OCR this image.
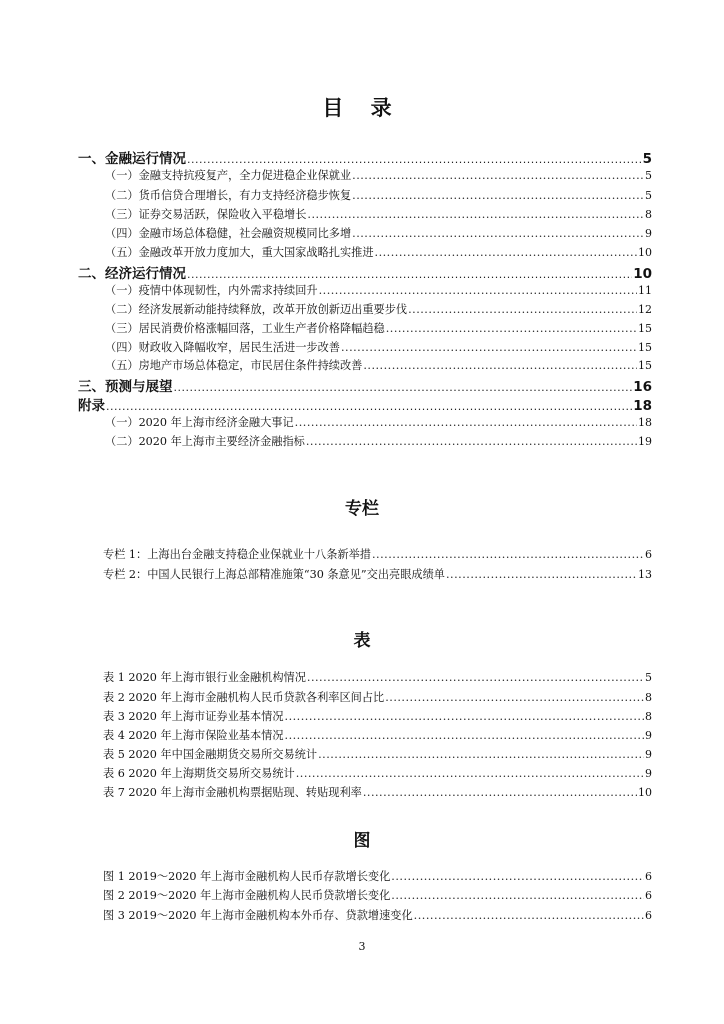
目 录
一、金融运行情况 .....	5
（一）金融支持抗疫复产，全力促进稳企业保就业 .....	5
（二）货币信贷合理增长，有力支持经济稳步恢复 .....	5
（三）证券交易活跃，保险收入平稳增长 .....	8
（四）金融市场总体稳健，社会融资规模同比多增 .....	9
（五）金融改革开放力度加大，重大国家战略扎实推进 .....	10
二、经济运行情况 .....	10
（一）疫情中体现韧性，内外需求持续回升 .....	11
（二）经济发展新动能持续释放，改革开放创新迈出重要步伐 .....	12
（三）居民消费价格涨幅回落，工业生产者价格降幅趋稳 .....	15
（四）财政收入降幅收窄，居民生活进一步改善 .....	15
（五）房地产市场总体稳定，市民居住条件持续改善 .....	15
三、预测与展望 .....	16
附录 .....	18
（一）2020 年上海市经济金融大事记 .....	18
（二）2020 年上海市主要经济金融指标 .....	19
专栏
专栏 1：上海出台金融支持稳企业保就业十八条新举措 .....	6
专栏 2：中国人民银行上海总部精准施策“30 条意见”交出亮眼成绩单 .....	13
表
表 1 2020 年上海市银行业金融机构情况 .....	5
表 2 2020 年上海市金融机构人民币贷款各利率区间占比 .....	8
表 3 2020 年上海市证券业基本情况 .....	8
表 4 2020 年上海市保险业基本情况 .....	9
表 5 2020 年中国金融期货交易所交易统计 .....	9
表 6 2020 年上海期货交易所交易统计 .....	9
表 7 2020 年上海市金融机构票据贴现、转贴现利率 .....	10
图
图 1 2019～2020 年上海市金融机构人民币存款增长变化 .....	6
图 2 2019～2020 年上海市金融机构人民币贷款增长变化 .....	6
图 3 2019～2020 年上海市金融机构本外币存、贷款增速变化 .....	6
3
